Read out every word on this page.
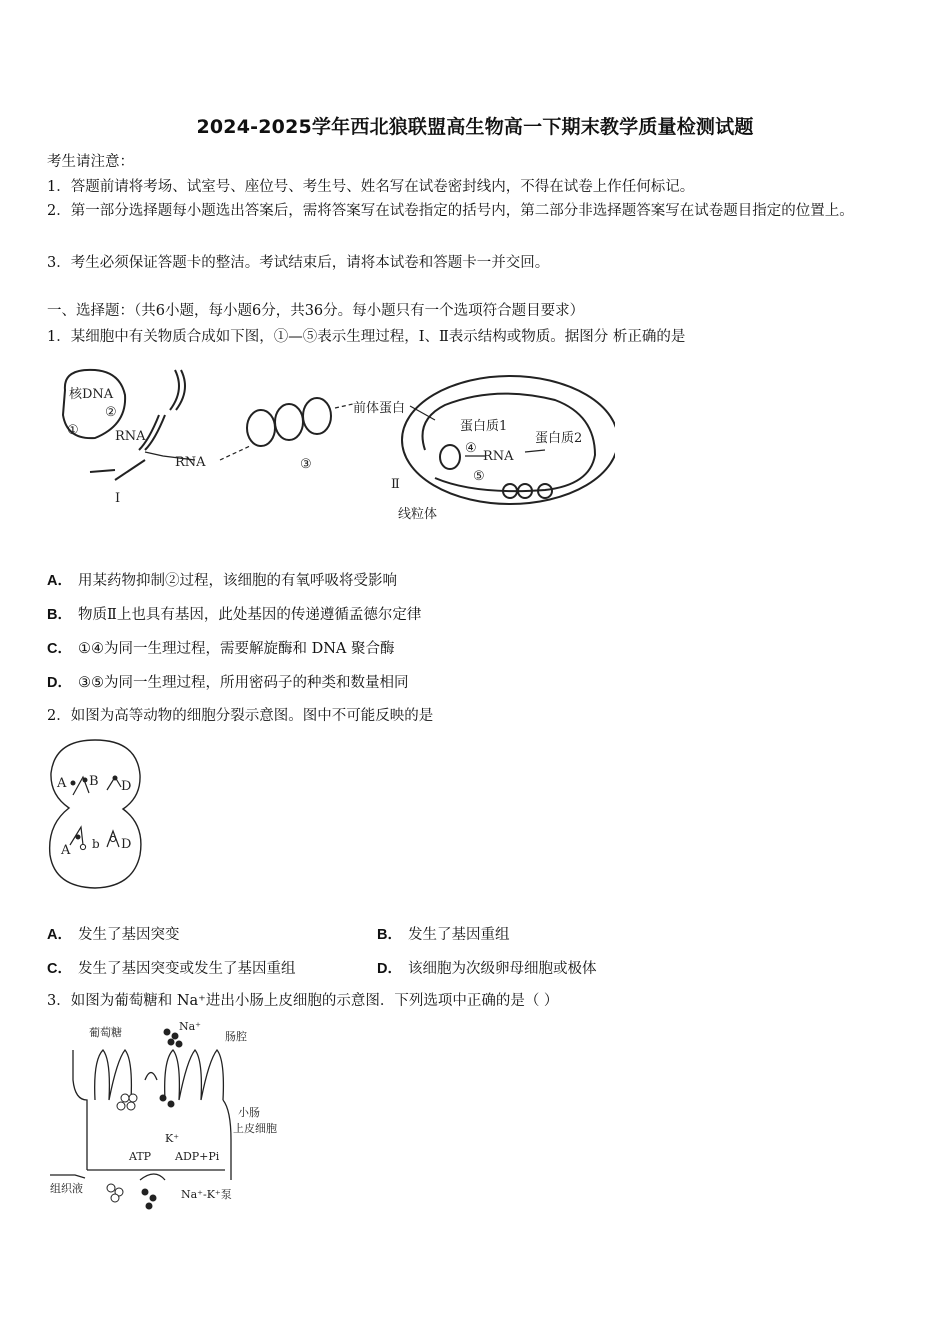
2024-2025学年西北狼联盟高生物高一下期末教学质量检测试题
考生请注意：
1．答题前请将考场、试室号、座位号、考生号、姓名写在试卷密封线内，不得在试卷上作任何标记。
2．第一部分选择题每小题选出答案后，需将答案写在试卷指定的括号内，第二部分非选择题答案写在试卷题目指定的位置上。
3．考生必须保证答题卡的整洁。考试结束后，请将本试卷和答题卡一并交回。
一、选择题：（共6小题，每小题6分，共36分。每小题只有一个选项符合题目要求）
1．某细胞中有关物质合成如下图，①—⑤表示生理过程，Ⅰ、Ⅱ表示结构或物质。据图分 析正确的是
核DNA
①
②
RNA
RNA
Ⅰ
③
前体蛋白
蛋白质1
蛋白质2
④
RNA
⑤
Ⅱ
线粒体
A． 用某药物抑制②过程，该细胞的有氧呼吸将受影响
B． 物质Ⅱ上也具有基因，此处基因的传递遵循孟德尔定律
C． ①④为同一生理过程，需要解旋酶和 DNA 聚合酶
D． ③⑤为同一生理过程，所用密码子的种类和数量相同
2．如图为高等动物的细胞分裂示意图。图中不可能反映的是
A B D
A b D
A． 发生了基因突变	B． 发生了基因重组
C． 发生了基因突变或发生了基因重组	D． 该细胞为次级卵母细胞或极体
3．如图为葡萄糖和 Na⁺进出小肠上皮细胞的示意图．下列选项中正确的是（ ）
葡萄糖	Na⁺
肠腔
小肠
上皮细胞
K⁺
ATP ADP+Pi
组织液	Na⁺-K⁺泵
